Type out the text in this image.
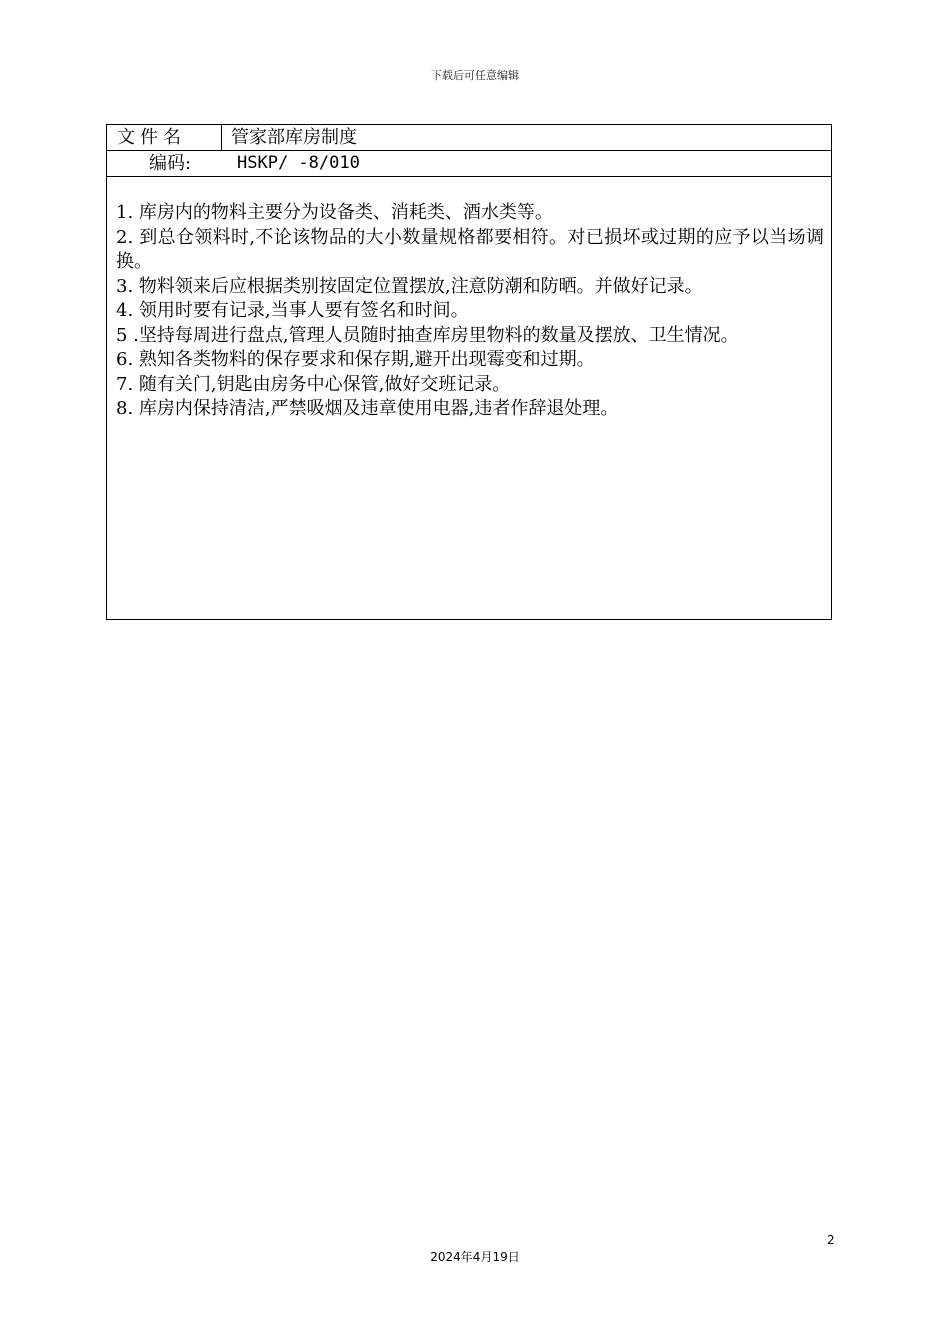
下载后可任意编辑
文件名	管家部库房制度
编码:	HSKP/ -8/010

1. 库房内的物料主要分为设备类、消耗类、酒水类等。

2. 到总仓领料时,不论该物品的大小数量规格都要相符。对已损坏或过期的应予以当场调换。

3. 物料领来后应根据类别按固定位置摆放,注意防潮和防晒。并做好记录。

4. 领用时要有记录,当事人要有签名和时间。

5 .坚持每周进行盘点,管理人员随时抽查库房里物料的数量及摆放、卫生情况。

6. 熟知各类物料的保存要求和保存期,避开出现霉变和过期。

7. 随有关门,钥匙由房务中心保管,做好交班记录。

8. 库房内保持清洁,严禁吸烟及违章使用电器,违者作辞退处理。

2
2024年4月19日
